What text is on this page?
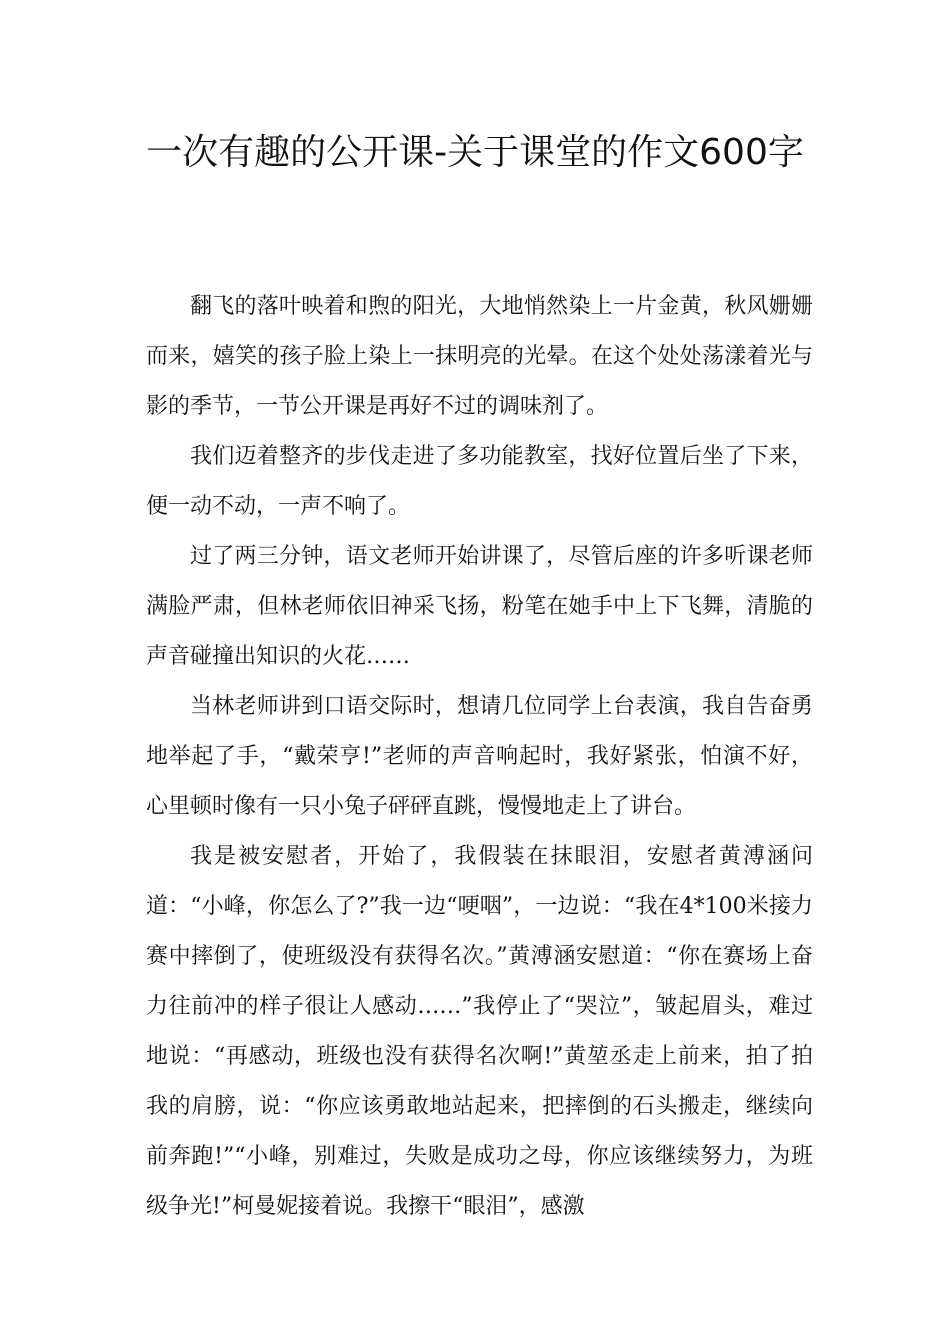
一次有趣的公开课-关于课堂的作文600字

翻飞的落叶映着和煦的阳光，大地悄然染上一片金黄，秋风姗姗而来，嬉笑的孩子脸上染上一抹明亮的光晕。在这个处处荡漾着光与影的季节，一节公开课是再好不过的调味剂了。

我们迈着整齐的步伐走进了多功能教室，找好位置后坐了下来，便一动不动，一声不响了。

过了两三分钟，语文老师开始讲课了，尽管后座的许多听课老师满脸严肃，但林老师依旧神采飞扬，粉笔在她手中上下飞舞，清脆的声音碰撞出知识的火花……

当林老师讲到口语交际时，想请几位同学上台表演，我自告奋勇地举起了手，“戴荣亨!”老师的声音响起时，我好紧张，怕演不好，心里顿时像有一只小兔子砰砰直跳，慢慢地走上了讲台。

我是被安慰者，开始了，我假装在抹眼泪，安慰者黄溥涵问道：“小峰，你怎么了?”我一边“哽咽”，一边说：“我在4*100米接力赛中摔倒了，使班级没有获得名次。”黄溥涵安慰道：“你在赛场上奋力往前冲的样子很让人感动……”我停止了“哭泣”，皱起眉头，难过地说：“再感动，班级也没有获得名次啊!”黄堃丞走上前来，拍了拍我的肩膀，说：“你应该勇敢地站起来，把摔倒的石头搬走，继续向前奔跑!”“小峰，别难过，失败是成功之母，你应该继续努力，为班级争光!”柯曼妮接着说。我擦干“眼泪”，感激
